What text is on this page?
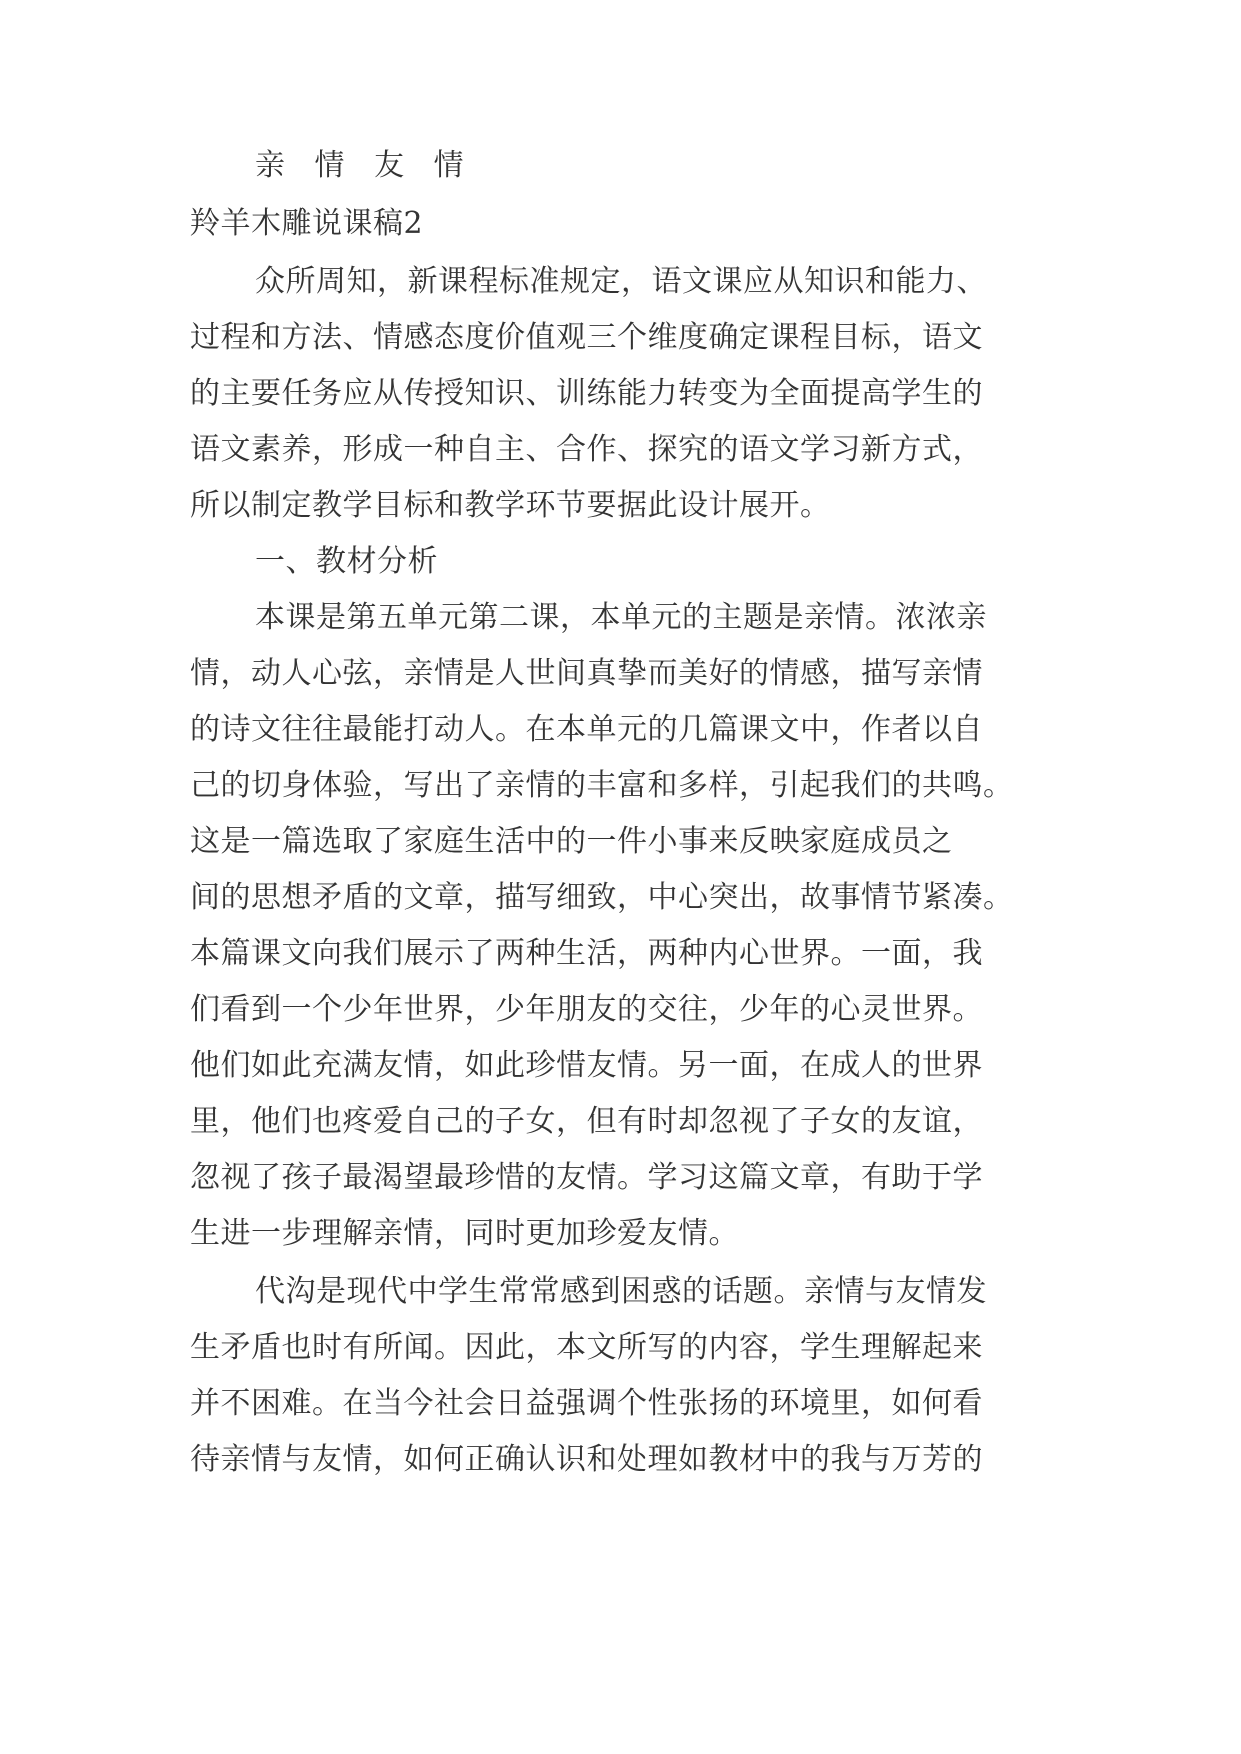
亲 情 友 情
羚羊木雕说课稿2
众所周知，新课程标准规定，语文课应从知识和能力、
过程和方法、情感态度价值观三个维度确定课程目标，语文
的主要任务应从传授知识、训练能力转变为全面提高学生的
语文素养，形成一种自主、合作、探究的语文学习新方式，
所以制定教学目标和教学环节要据此设计展开。
一、教材分析
本课是第五单元第二课，本单元的主题是亲情。浓浓亲
情，动人心弦，亲情是人世间真挚而美好的情感，描写亲情
的诗文往往最能打动人。在本单元的几篇课文中，作者以自
己的切身体验，写出了亲情的丰富和多样，引起我们的共鸣。
这是一篇选取了家庭生活中的一件小事来反映家庭成员之
间的思想矛盾的文章，描写细致，中心突出，故事情节紧凑。
本篇课文向我们展示了两种生活，两种内心世界。一面，我
们看到一个少年世界，少年朋友的交往，少年的心灵世界。
他们如此充满友情，如此珍惜友情。另一面，在成人的世界
里，他们也疼爱自己的子女，但有时却忽视了子女的友谊，
忽视了孩子最渴望最珍惜的友情。学习这篇文章，有助于学
生进一步理解亲情，同时更加珍爱友情。
代沟是现代中学生常常感到困惑的话题。亲情与友情发
生矛盾也时有所闻。因此，本文所写的内容，学生理解起来
并不困难。在当今社会日益强调个性张扬的环境里，如何看
待亲情与友情，如何正确认识和处理如教材中的我与万芳的
